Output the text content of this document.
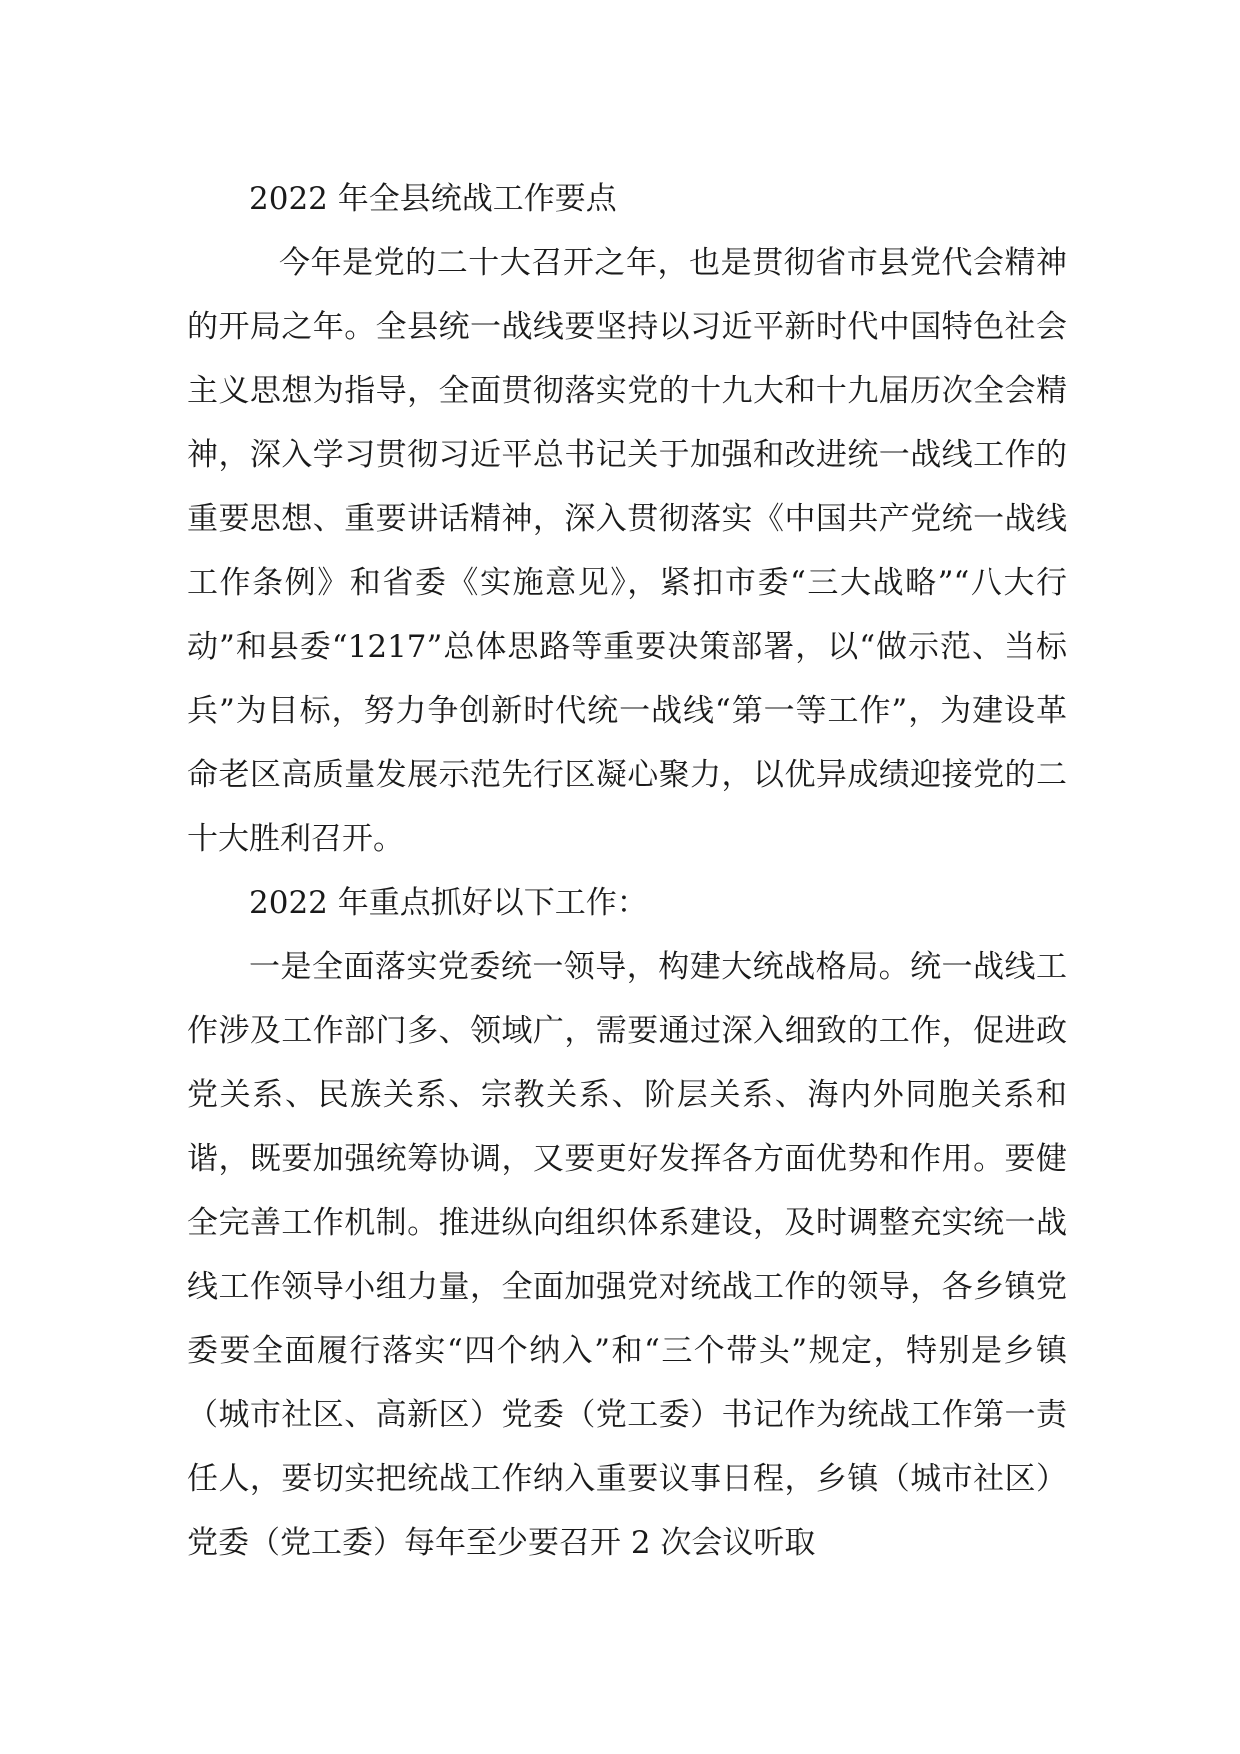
2022 年全县统战工作要点

今年是党的二十大召开之年，也是贯彻省市县党代会精神的开局之年。全县统一战线要坚持以习近平新时代中国特色社会主义思想为指导，全面贯彻落实党的十九大和十九届历次全会精神，深入学习贯彻习近平总书记关于加强和改进统一战线工作的重要思想、重要讲话精神，深入贯彻落实《中国共产党统一战线工作条例》和省委《实施意见》，紧扣市委“三大战略”“八大行动”和县委“1217”总体思路等重要决策部署，以“做示范、当标兵”为目标，努力争创新时代统一战线“第一等工作”，为建设革命老区高质量发展示范先行区凝心聚力，以优异成绩迎接党的二十大胜利召开。

2022 年重点抓好以下工作：

一是全面落实党委统一领导，构建大统战格局。统一战线工作涉及工作部门多、领域广，需要通过深入细致的工作，促进政党关系、民族关系、宗教关系、阶层关系、海内外同胞关系和谐，既要加强统筹协调，又要更好发挥各方面优势和作用。要健全完善工作机制。推进纵向组织体系建设，及时调整充实统一战线工作领导小组力量，全面加强党对统战工作的领导，各乡镇党委要全面履行落实“四个纳入”和“三个带头”规定，特别是乡镇（城市社区、高新区）党委（党工委）书记作为统战工作第一责任人，要切实把统战工作纳入重要议事日程，乡镇（城市社区）党委（党工委）每年至少要召开 2 次会议听取
